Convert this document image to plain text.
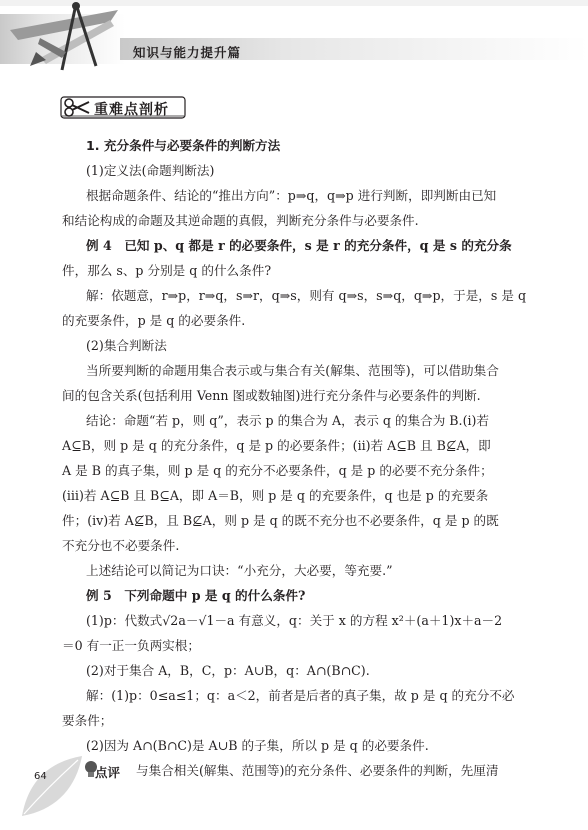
知识与能力提升篇
重难点剖析
1. 充分条件与必要条件的判断方法
(1)定义法(命题判断法)
根据命题条件、结论的“推出方向”：p⇒q，q⇒p 进行判断，即判断由已知
和结论构成的命题及其逆命题的真假，判断充分条件与必要条件.
例 4　已知 p、q 都是 r 的必要条件，s 是 r 的充分条件，q 是 s 的充分条
件，那么 s、p 分别是 q 的什么条件?
解：依题意，r⇒p，r⇒q，s⇒r，q⇒s，则有 q⇒s，s⇒q，q⇒p，于是，s 是 q
的充要条件，p 是 q 的必要条件.
(2)集合判断法
当所要判断的命题用集合表示或与集合有关(解集、范围等)，可以借助集合
间的包含关系(包括利用 Venn 图或数轴图)进行充分条件与必要条件的判断.
结论：命题“若 p，则 q”，表示 p 的集合为 A，表示 q 的集合为 B.(ⅰ)若
A⊆B，则 p 是 q 的充分条件，q 是 p 的必要条件；(ⅱ)若 A⊆B 且 B⊈A，即
A 是 B 的真子集，则 p 是 q 的充分不必要条件，q 是 p 的必要不充分条件；
(ⅲ)若 A⊆B 且 B⊆A，即 A＝B，则 p 是 q 的充要条件，q 也是 p 的充要条
件；(ⅳ)若 A⊈B，且 B⊈A，则 p 是 q 的既不充分也不必要条件，q 是 p 的既
不充分也不必要条件.
上述结论可以简记为口诀：“小充分，大必要，等充要.”
例 5　下列命题中 p 是 q 的什么条件?
(1)p：代数式√2a－√1－a 有意义，q：关于 x 的方程 x²＋(a＋1)x＋a－2
＝0 有一正一负两实根；
(2)对于集合 A，B，C，p：A∪B，q：A∩(B∩C).
解：(1)p：0≤a≤1；q：a＜2，前者是后者的真子集，故 p 是 q 的充分不必
要条件；
(2)因为 A∩(B∩C)是 A∪B 的子集，所以 p 是 q 的必要条件.
点评 与集合相关(解集、范围等)的充分条件、必要条件的判断，先厘清
64
